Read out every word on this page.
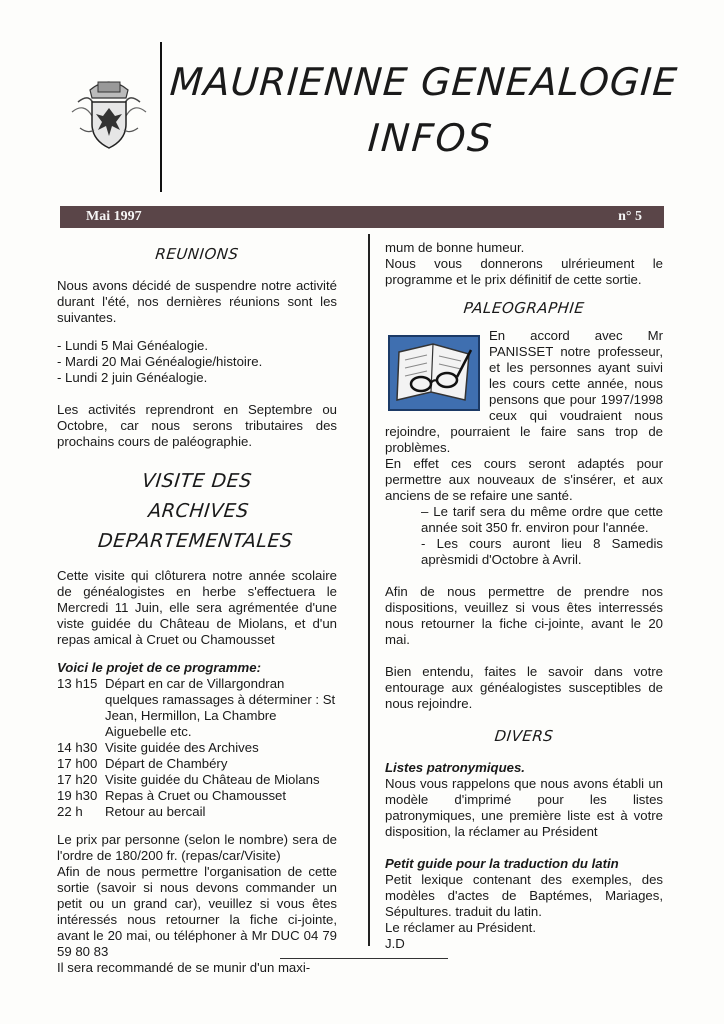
MAURIENNE GENEALOGIE
INFOS
Mai 1997	n° 5
REUNIONS

Nous avons décidé de suspendre notre activité durant l'été, nos dernières réunions sont les suivantes.

- Lundi 5 Mai Généalogie.
- Mardi 20 Mai Généalogie/histoire.
- Lundi 2 juin Généalogie.

Les activités reprendront en Septembre ou Octobre, car nous serons tributaires des prochains cours de paléographie.

VISITE DES
ARCHIVES DEPARTEMENTALES

Cette visite qui clôturera notre année scolaire de généalogistes en herbe s'effectuera le Mercredi 11 Juin, elle sera agrémentée d'une viste guidée du Château de Miolans, et d'un repas amical à Cruet ou Chamousset

Voici le projet de ce programme:
13 h15 Départ en car de Villargondran quelques ramassages à déterminer : St Jean, Hermillon, La Chambre Aiguebelle etc.
14 h30 Visite guidée des Archives
17 h00 Départ de Chambéry
17 h20 Visite guidée du Château de Miolans
19 h30 Repas à Cruet ou Chamousset
22 h	Retour au bercail

Le prix par personne (selon le nombre) sera de l'ordre de 180/200 fr. (repas/car/Visite)

Afin de nous permettre l'organisation de cette sortie (savoir si nous devons commander un petit ou un grand car), veuillez si vous êtes intéressés nous retourner la fiche ci-jointe, avant le 20 mai, ou téléphoner à Mr DUC 04 79 59 80 83

Il sera recommandé de se munir d'un maxi-

mum de bonne humeur.

Nous vous donnerons ulrérieument le programme et le prix définitif de cette sortie.

PALEOGRAPHIE

En accord avec Mr PANISSET notre professeur, et les personnes ayant suivi les cours cette année, nous pensons que pour 1997/1998 ceux qui voudraient nous rejoindre, pourraient le faire sans trop de problèmes.

En effet ces cours seront adaptés pour permettre aux nouveaux de s'insérer, et aux anciens de se refaire une santé.

– Le tarif sera du même ordre que cette année soit 350 fr. environ pour l'année.

- Les cours auront lieu 8 Samedis aprèsmidi d'Octobre à Avril.

Afin de nous permettre de prendre nos dispositions, veuillez si vous êtes interressés nous retourner la fiche ci-jointe, avant le 20 mai.

Bien entendu, faites le savoir dans votre entourage aux généalogistes susceptibles de nous rejoindre.

DIVERS
Listes patronymiques.

Nous vous rappelons que nous avons établi un modèle d'imprimé pour les listes patronymiques, une première liste est à votre disposition, la réclamer au Président

Petit guide pour la traduction du latin

Petit lexique contenant des exemples, des modèles d'actes de Baptémes, Mariages, Sépultures. traduit du latin.

Le réclamer au Président.

J.D
